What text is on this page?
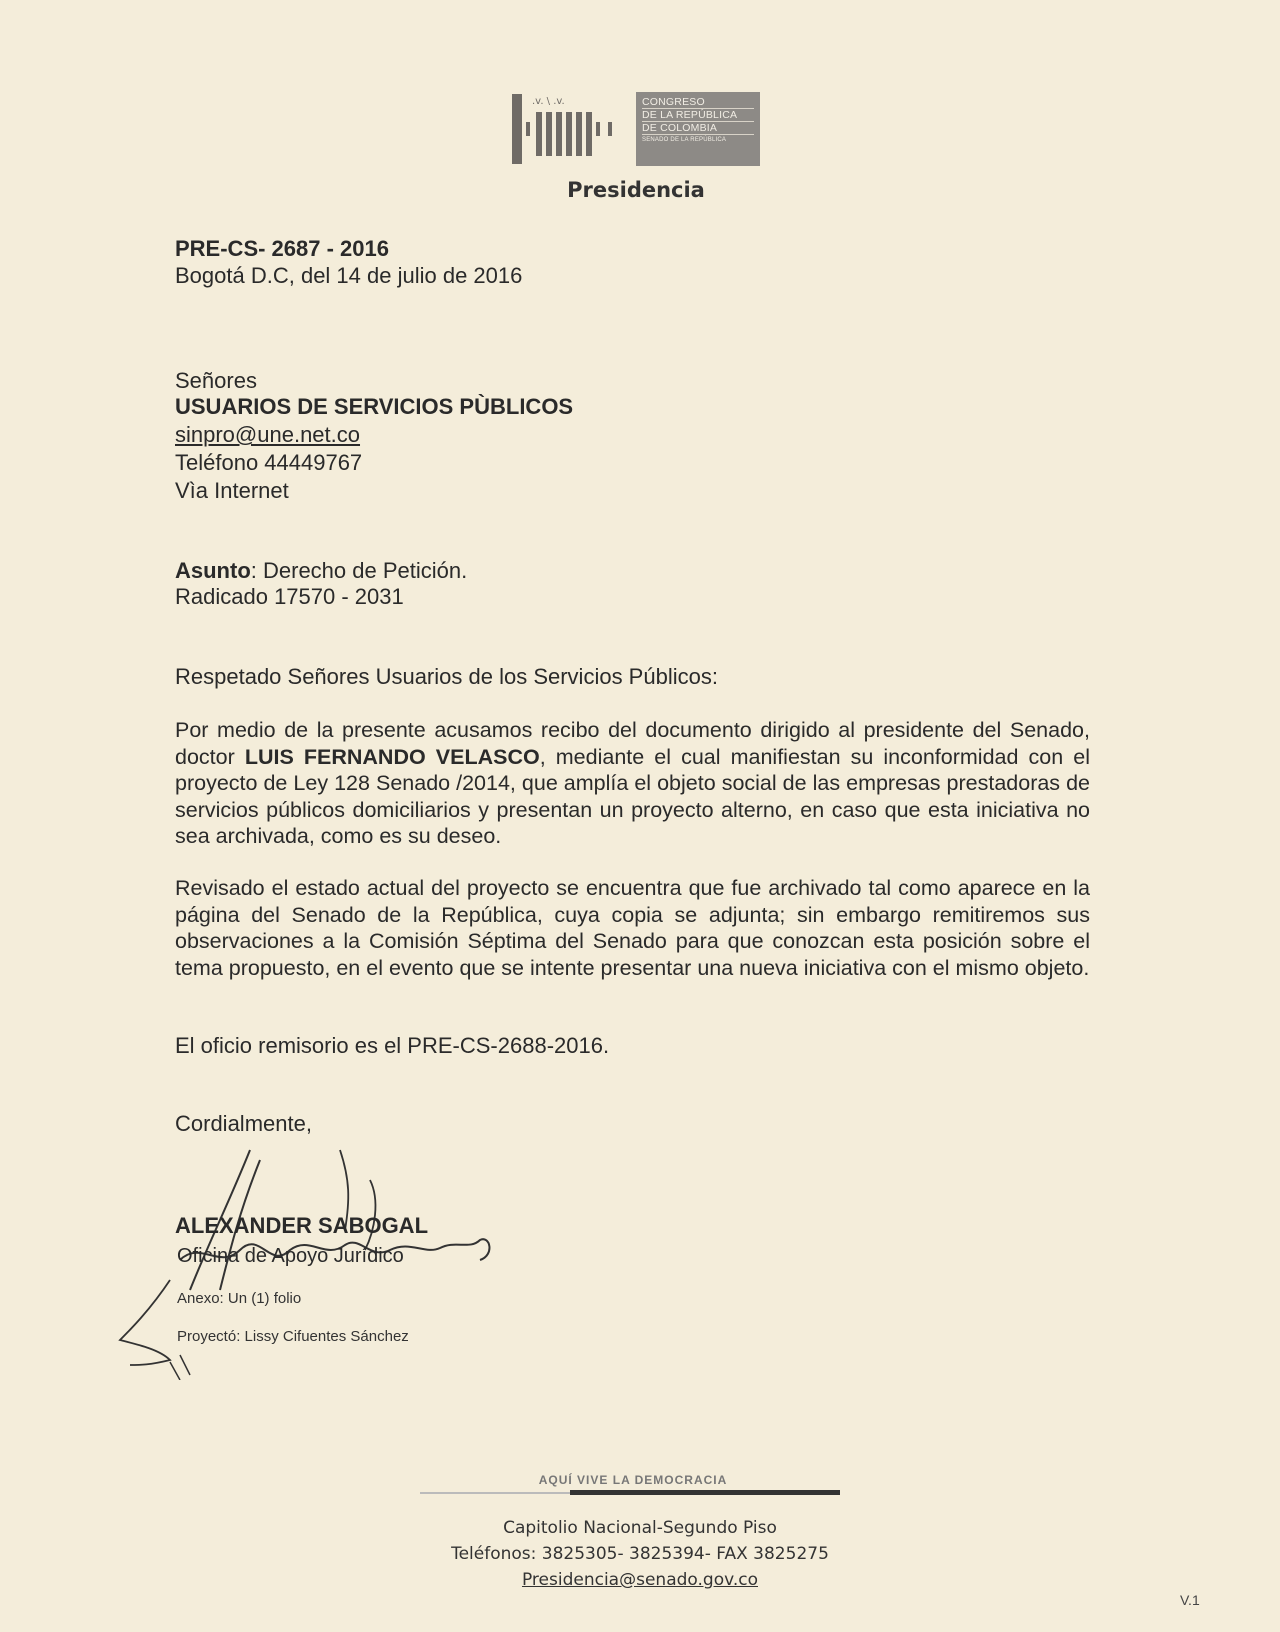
.v. \ .v.	CONGRESO
DE LA REPÚBLICA
DE COLOMBIA
SENADO DE LA REPÚBLICA
Presidencia
PRE-CS- 2687 - 2016
Bogotá D.C, del 14 de julio de 2016
Señores
USUARIOS DE SERVICIOS PÙBLICOS
sinpro@une.net.co
Teléfono 44449767
Vìa Internet
Asunto: Derecho de Petición.
Radicado 17570 - 2031
Respetado Señores Usuarios de los Servicios Públicos:
Por medio de la presente acusamos recibo del documento dirigido al presidente del Senado, doctor LUIS FERNANDO VELASCO, mediante el cual manifiestan su inconformidad con el proyecto de Ley 128 Senado /2014, que amplía el objeto social de las empresas prestadoras de servicios públicos domiciliarios y presentan un proyecto alterno, en caso que esta iniciativa no sea archivada, como es su deseo.
Revisado el estado actual del proyecto se encuentra que fue archivado tal como aparece en la página del Senado de la República, cuya copia se adjunta; sin embargo remitiremos sus observaciones a la Comisión Séptima del Senado para que conozcan esta posición sobre el tema propuesto, en el evento que se intente presentar una nueva iniciativa con el mismo objeto.
El oficio remisorio es el PRE-CS-2688-2016.
Cordialmente,
ALEXANDER SABOGAL
Oficina de Apoyo Jurídico
Anexo: Un (1) folio
Proyectó: Lissy Cifuentes Sánchez
AQUÍ VIVE LA DEMOCRACIA
Capitolio Nacional-Segundo Piso
Teléfonos: 3825305- 3825394- FAX 3825275
Presidencia@senado.gov.co
V.1
